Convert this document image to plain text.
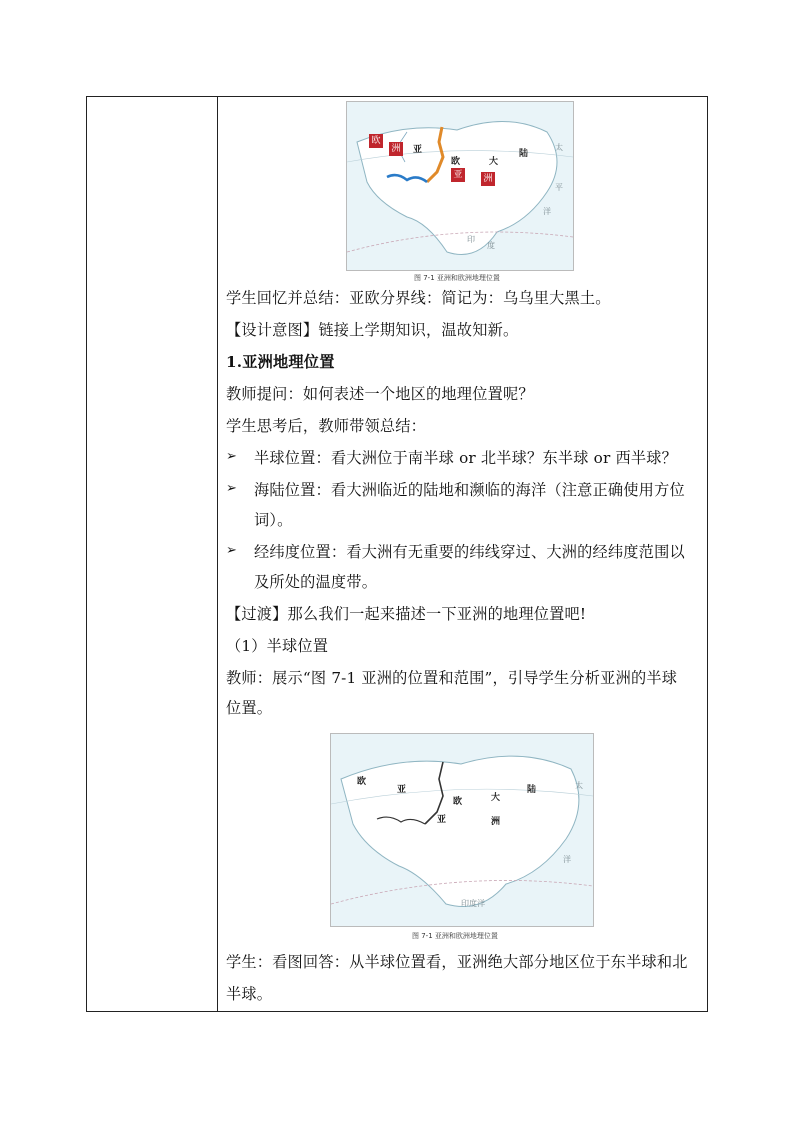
欧
洲 亚
欧	大
陆
亚 洲
太
平
洋
印
度
图 7-1 亚洲和欧洲地理位置
学生回忆并总结：亚欧分界线：简记为：乌乌里大黑土。
【设计意图】链接上学期知识，温故知新。
1.亚洲地理位置
教师提问：如何表述一个地区的地理位置呢？
学生思考后，教师带领总结：
➢ 半球位置：看大洲位于南半球 or 北半球？东半球 or 西半球？
➢ 海陆位置：看大洲临近的陆地和濒临的海洋（注意正确使用方位
词）。
➢ 经纬度位置：看大洲有无重要的纬线穿过、大洲的经纬度范围以
及所处的温度带。
【过渡】那么我们一起来描述一下亚洲的地理位置吧!
（1）半球位置
教师：展示“图 7-1 亚洲的位置和范围”，引导学生分析亚洲的半球
位置。
欧
亚
欧	大
陆
亚	洲
太
洋
印度洋
图 7-1 亚洲和欧洲地理位置
学生：看图回答：从半球位置看，亚洲绝大部分地区位于东半球和北
半球。
